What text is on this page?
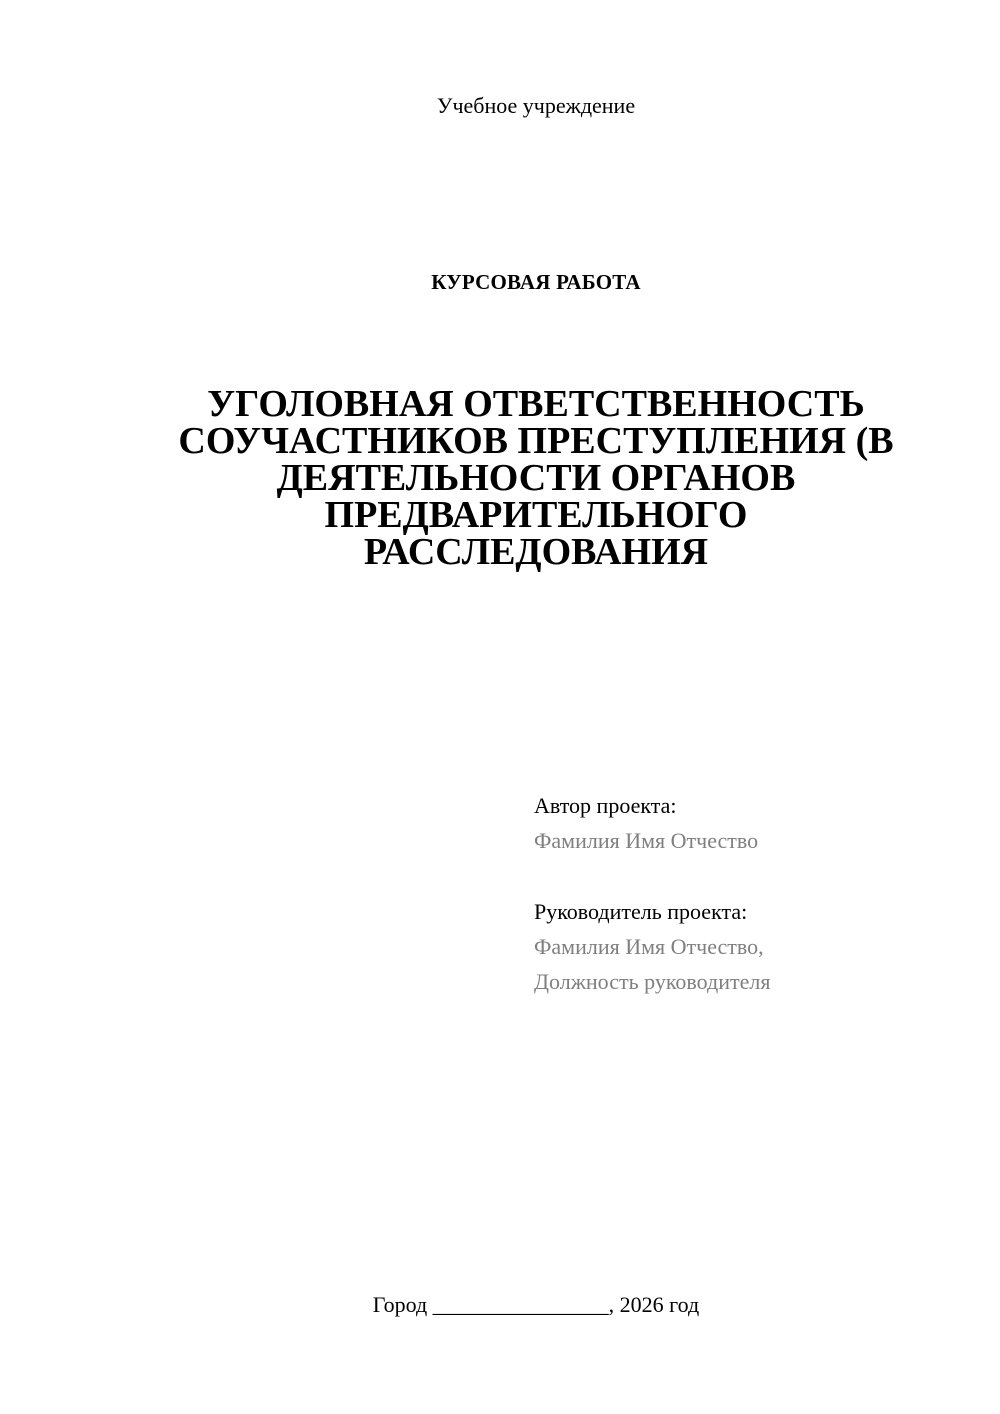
Учебное учреждение
КУРСОВАЯ РАБОТА
УГОЛОВНАЯ ОТВЕТСТВЕННОСТЬ
СОУЧАСТНИКОВ ПРЕСТУПЛЕНИЯ (В
ДЕЯТЕЛЬНОСТИ ОРГАНОВ
ПРЕДВАРИТЕЛЬНОГО
РАССЛЕДОВАНИЯ
Автор проекта:
Фамилия Имя Отчество
Руководитель проекта:
Фамилия Имя Отчество,
Должность руководителя
Город ________________, 2026 год
